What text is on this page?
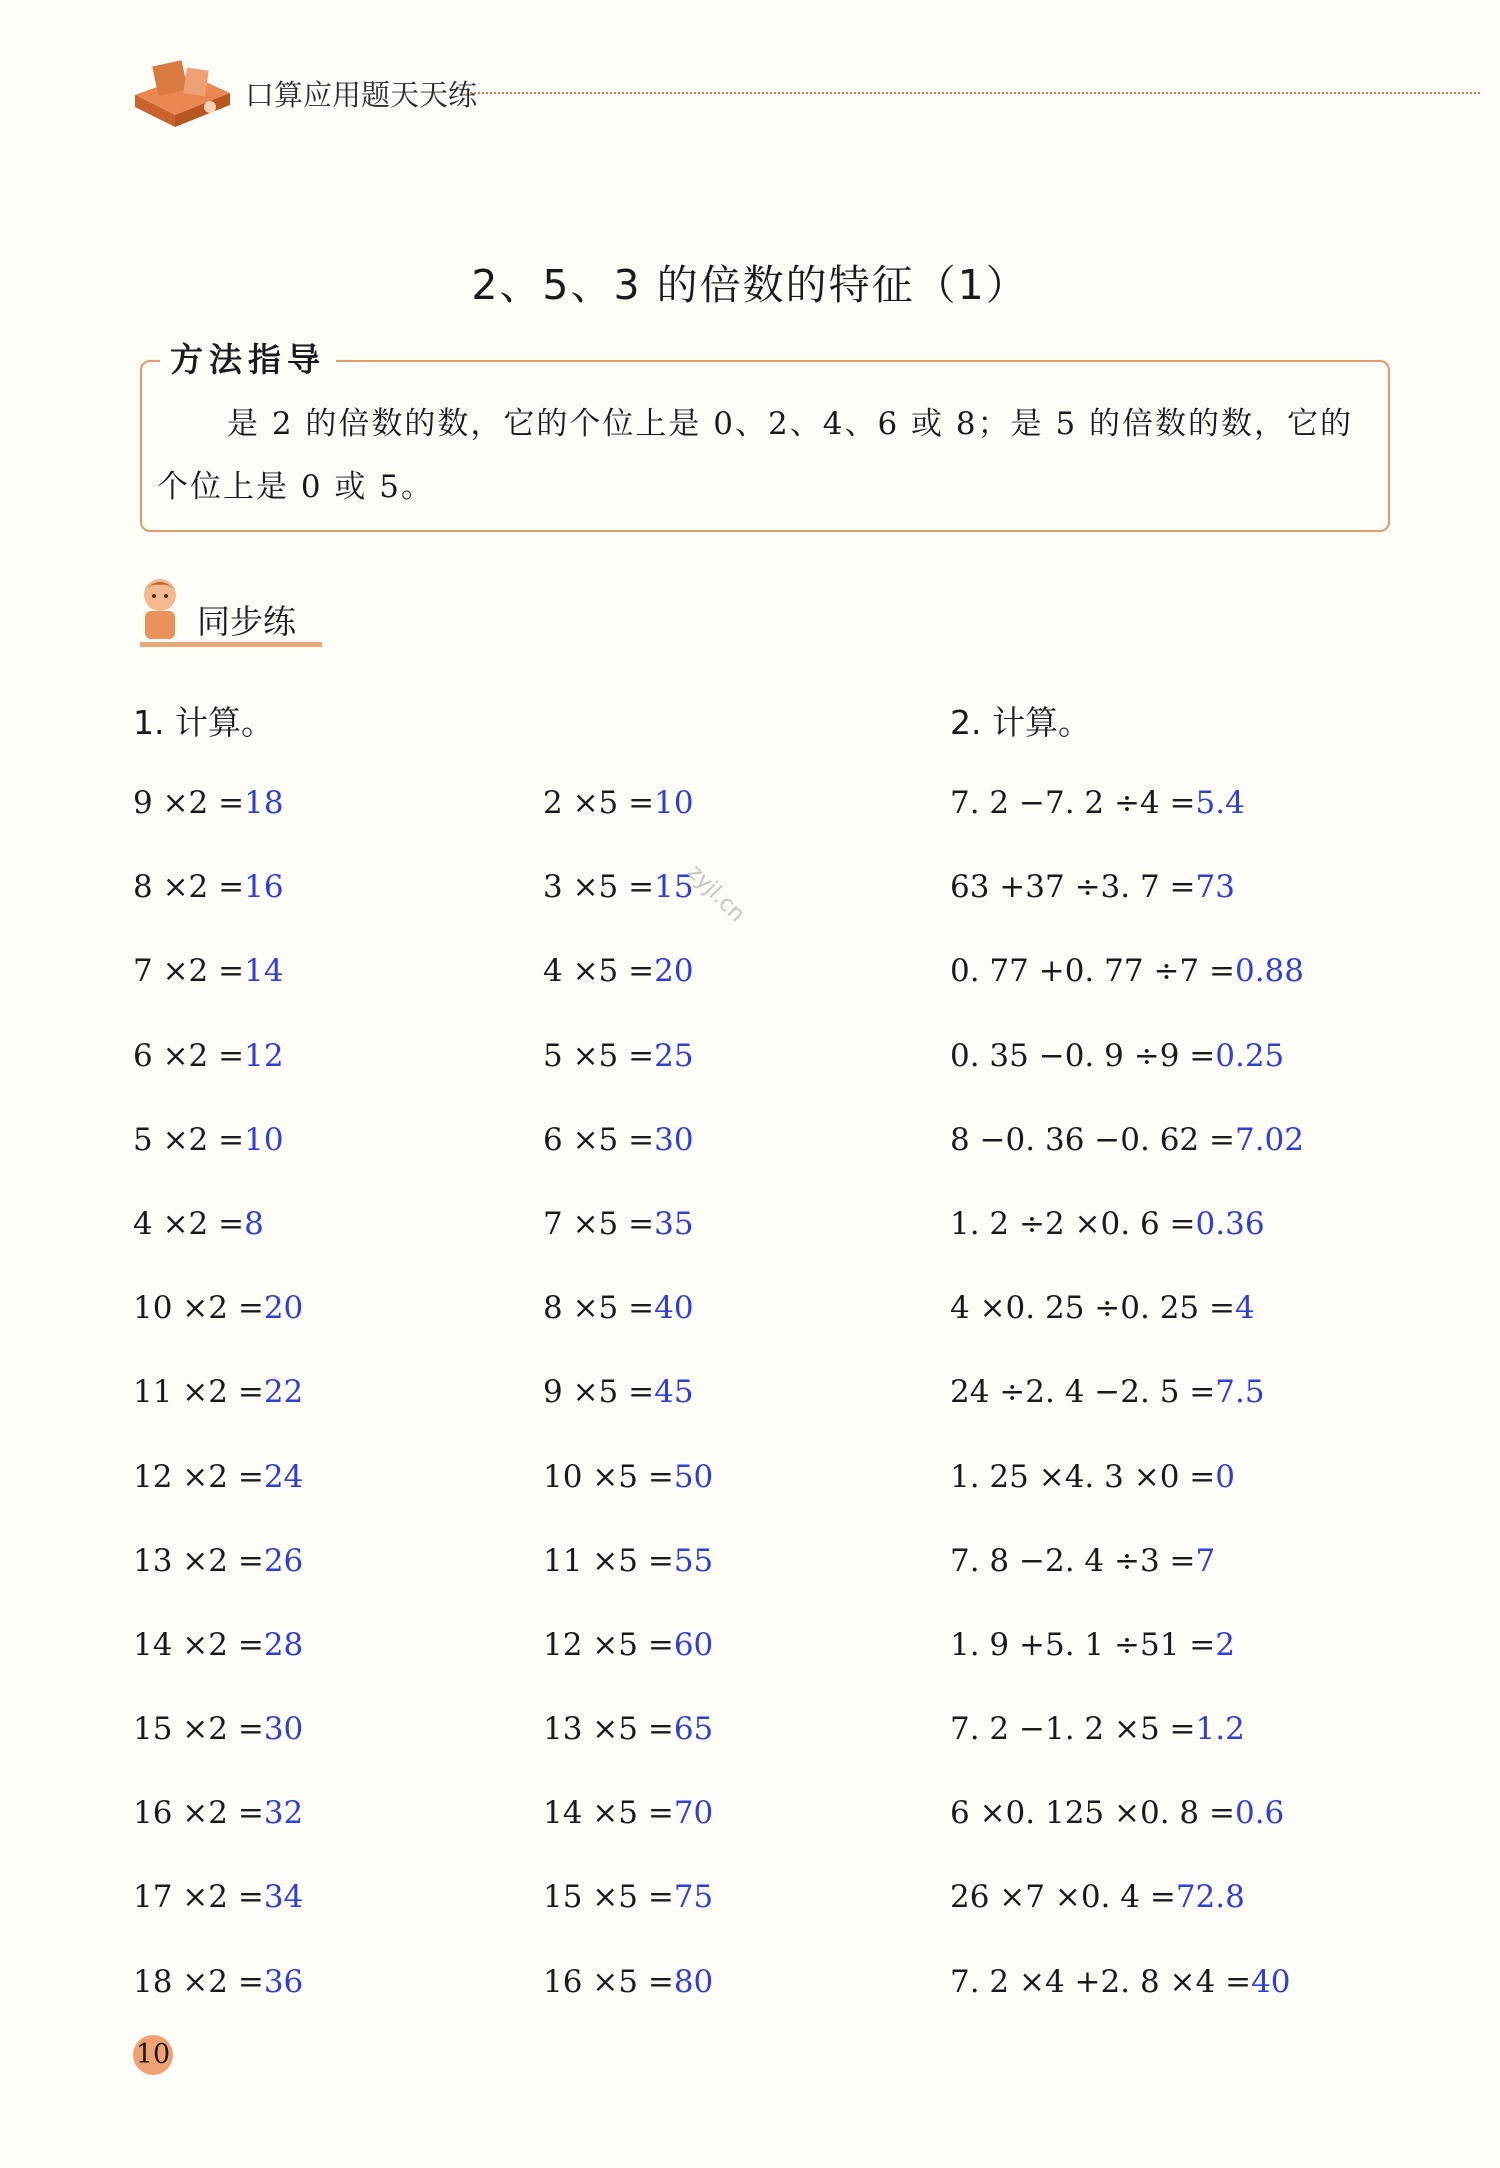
口算应用题天天练
2、5、3 的倍数的特征（1）
方法指导
是 2 的倍数的数，它的个位上是 0、2、4、6 或 8；是 5 的倍数的数，它的个位上是 0 或 5。
同步练
1. 计算。	2. 计算。
9 ×2 =18
8 ×2 =16
7 ×2 =14
6 ×2 =12
5 ×2 =10
4 ×2 =8
10 ×2 =20
11 ×2 =22
12 ×2 =24
13 ×2 =26
14 ×2 =28
15 ×2 =30
16 ×2 =32
17 ×2 =34
18 ×2 =36
2 ×5 =10
3 ×5 =15
4 ×5 =20
5 ×5 =25
6 ×5 =30
7 ×5 =35
8 ×5 =40
9 ×5 =45
10 ×5 =50
11 ×5 =55
12 ×5 =60
13 ×5 =65
14 ×5 =70
15 ×5 =75
16 ×5 =80
7. 2 −7. 2 ÷4 =5.4
63 +37 ÷3. 7 =73
0. 77 +0. 77 ÷7 =0.88
0. 35 −0. 9 ÷9 =0.25
8 −0. 36 −0. 62 =7.02
1. 2 ÷2 ×0. 6 =0.36
4 ×0. 25 ÷0. 25 =4
24 ÷2. 4 −2. 5 =7.5
1. 25 ×4. 3 ×0 =0
7. 8 −2. 4 ÷3 =7
1. 9 +5. 1 ÷51 =2
7. 2 −1. 2 ×5 =1.2
6 ×0. 125 ×0. 8 =0.6
26 ×7 ×0. 4 =72.8
7. 2 ×4 +2. 8 ×4 =40
zyjl.cn
10
